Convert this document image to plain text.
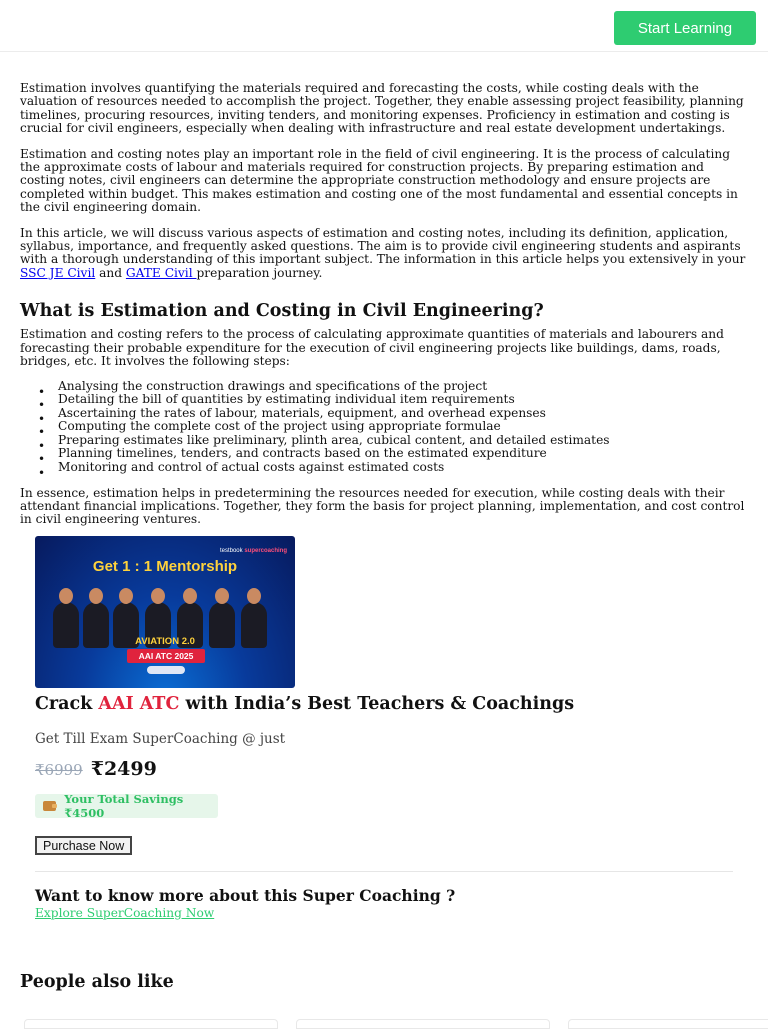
Start Learning

Estimation involves quantifying the materials required and forecasting the costs, while costing deals with the valuation of resources needed to accomplish the project. Together, they enable assessing project feasibility, planning timelines, procuring resources, inviting tenders, and monitoring expenses. Proficiency in estimation and costing is crucial for civil engineers, especially when dealing with infrastructure and real estate development undertakings.

Estimation and costing notes play an important role in the field of civil engineering. It is the process of calculating the approximate costs of labour and materials required for construction projects. By preparing estimation and costing notes, civil engineers can determine the appropriate construction methodology and ensure projects are completed within budget. This makes estimation and costing one of the most fundamental and essential concepts in the civil engineering domain.

In this article, we will discuss various aspects of estimation and costing notes, including its definition, application, syllabus, importance, and frequently asked questions. The aim is to provide civil engineering students and aspirants with a thorough understanding of this important subject. The information in this article helps you extensively in your SSC JE Civil and GATE Civil preparation journey.

What is Estimation and Costing in Civil Engineering?

Estimation and costing refers to the process of calculating approximate quantities of materials and labourers and forecasting their probable expenditure for the execution of civil engineering projects like buildings, dams, roads, bridges, etc. It involves the following steps:

• Analysing the construction drawings and specifications of the project
• Detailing the bill of quantities by estimating individual item requirements
• Ascertaining the rates of labour, materials, equipment, and overhead expenses
• Computing the complete cost of the project using appropriate formulae
• Preparing estimates like preliminary, plinth area, cubical content, and detailed estimates
• Planning timelines, tenders, and contracts based on the estimated expenditure
• Monitoring and control of actual costs against estimated costs

In essence, estimation helps in predetermining the resources needed for execution, while costing deals with their attendant financial implications. Together, they form the basis for project planning, implementation, and cost control in civil engineering ventures.

testbook supercoaching
Get 1 : 1 Mentorship
AVIATION 2.0
AAI ATC 2025
Crack AAI ATC with India’s Best Teachers & Coachings
Get Till Exam SuperCoaching @ just
₹6999 ₹2499
Your Total Savings ₹4500
Purchase Now
Want to know more about this Super Coaching ?
Explore SuperCoaching Now
People also like
